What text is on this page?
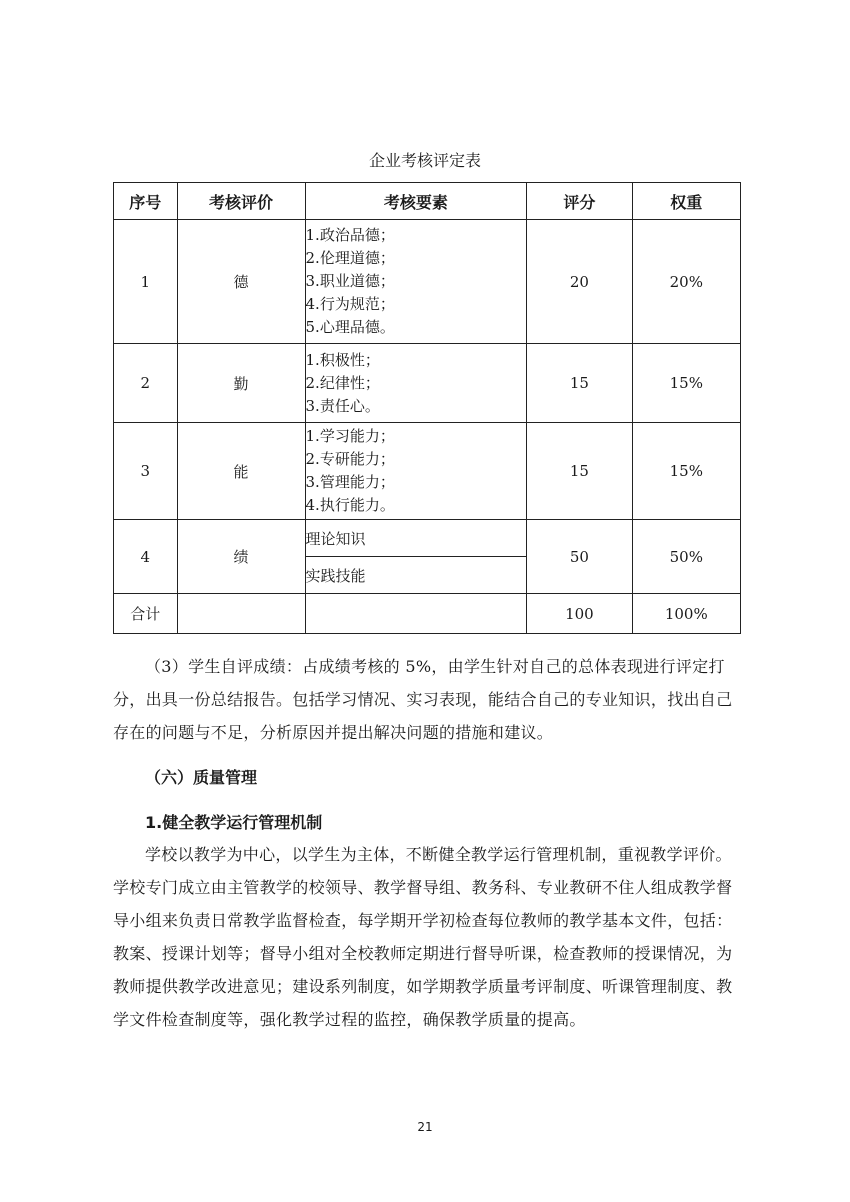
企业考核评定表
序号	考核评价	考核要素	评分	权重
1	德	1.政治品德；
2.伦理道德；
3.职业道德；
4.行为规范；
5.心理品德。	20	20%
2	勤	1.积极性；
2.纪律性；
3.责任心。	15	15%
3	能	1.学习能力；
2.专研能力；
3.管理能力；
4.执行能力。	15	15%
4	绩	理论知识	50	50%
		实践技能		
合计			100	100%
（3）学生自评成绩：占成绩考核的 5%，由学生针对自己的总体表现进行评定打分，出具一份总结报告。包括学习情况、实习表现，能结合自己的专业知识，找出自己存在的问题与不足，分析原因并提出解决问题的措施和建议。
（六）质量管理
1.健全教学运行管理机制
学校以教学为中心，以学生为主体，不断健全教学运行管理机制，重视教学评价。学校专门成立由主管教学的校领导、教学督导组、教务科、专业教研不住人组成教学督导小组来负责日常教学监督检查，每学期开学初检查每位教师的教学基本文件，包括：教案、授课计划等；督导小组对全校教师定期进行督导听课，检查教师的授课情况，为教师提供教学改进意见；建设系列制度，如学期教学质量考评制度、听课管理制度、教学文件检查制度等，强化教学过程的监控，确保教学质量的提高。
21
